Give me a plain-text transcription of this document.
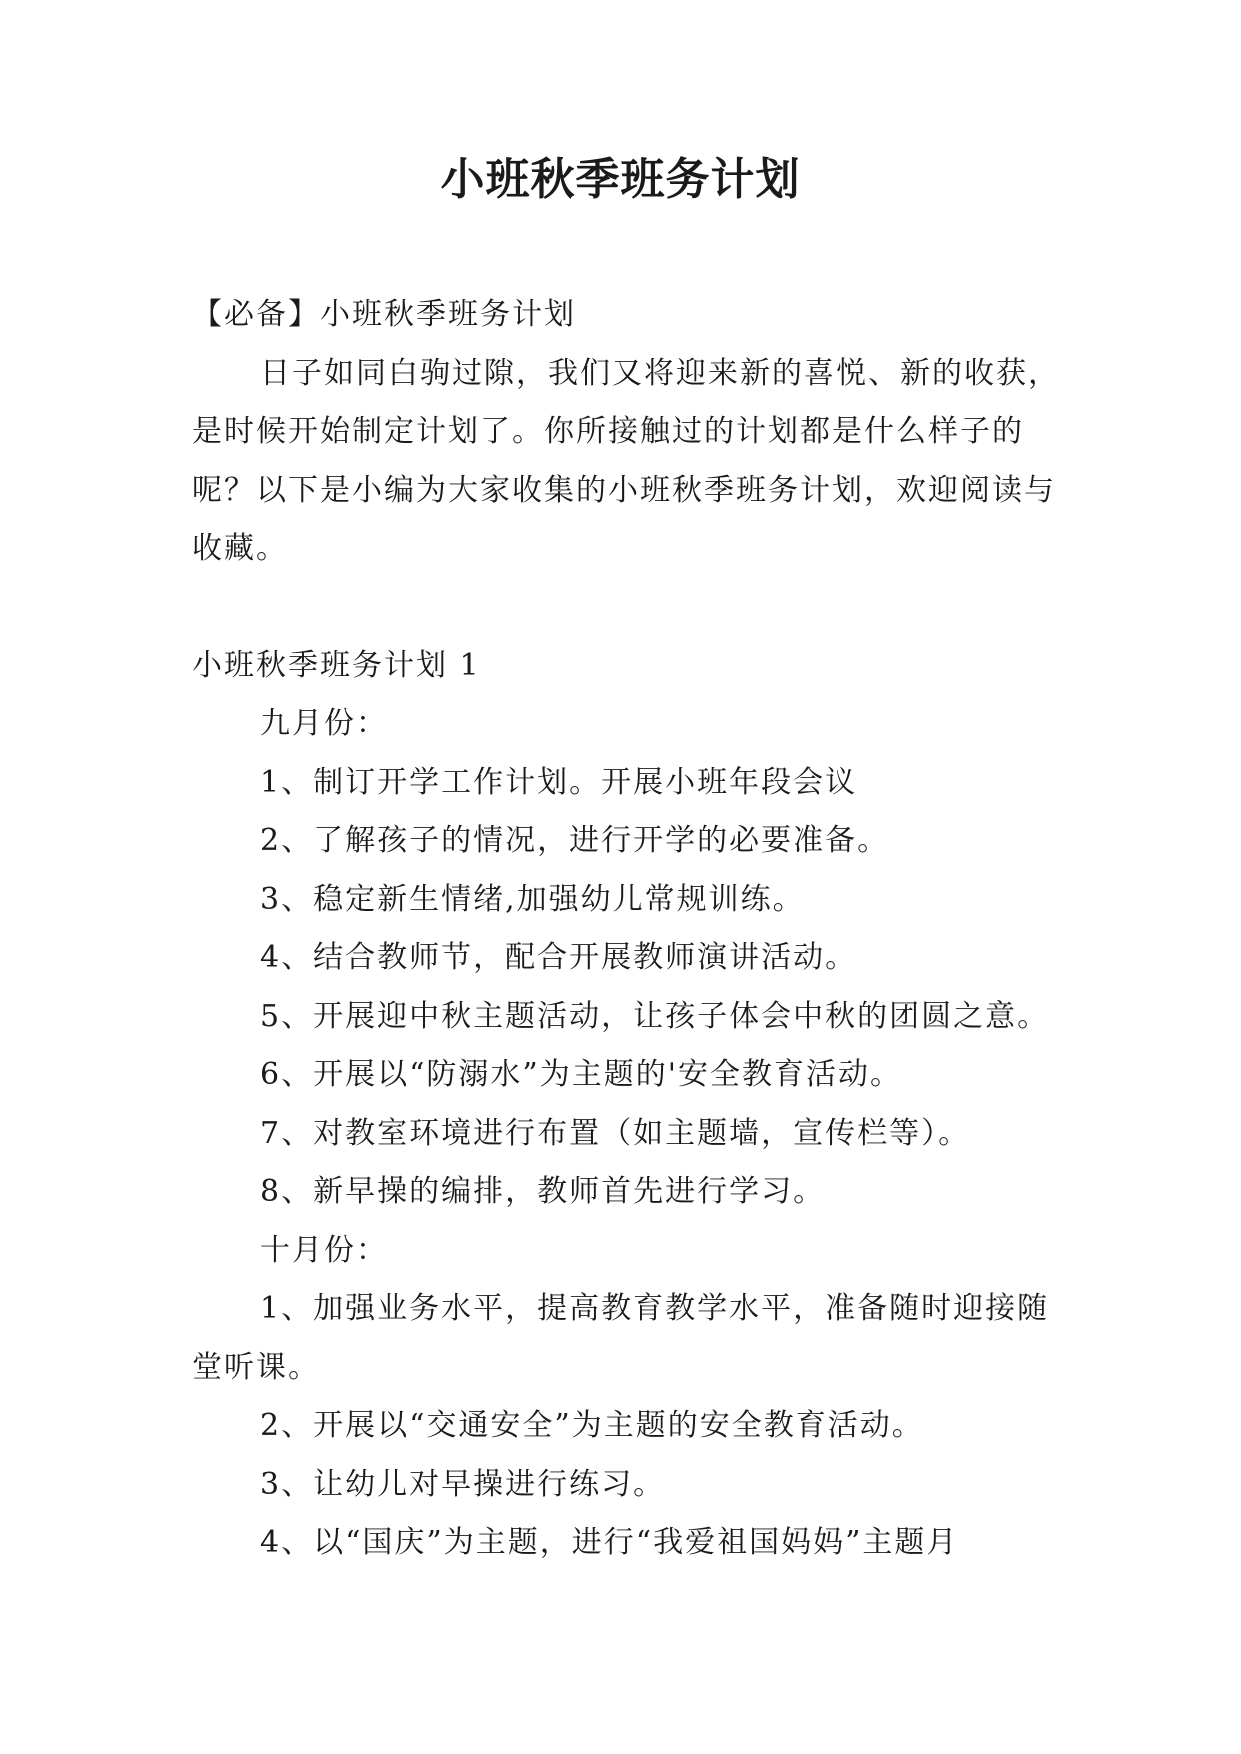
小班秋季班务计划

【必备】小班秋季班务计划

日子如同白驹过隙，我们又将迎来新的喜悦、新的收获，是时候开始制定计划了。你所接触过的计划都是什么样子的呢？以下是小编为大家收集的小班秋季班务计划，欢迎阅读与收藏。

小班秋季班务计划 1

九月份：

1、制订开学工作计划。开展小班年段会议

2、了解孩子的情况，进行开学的必要准备。

3、稳定新生情绪,加强幼儿常规训练。

4、结合教师节，配合开展教师演讲活动。

5、开展迎中秋主题活动，让孩子体会中秋的团圆之意。

6、开展以“防溺水”为主题的'安全教育活动。

7、对教室环境进行布置（如主题墙，宣传栏等）。

8、新早操的编排，教师首先进行学习。

十月份：

1、加强业务水平，提高教育教学水平，准备随时迎接随堂听课。

2、开展以“交通安全”为主题的安全教育活动。

3、让幼儿对早操进行练习。

4、以“国庆”为主题，进行“我爱祖国妈妈”主题月
